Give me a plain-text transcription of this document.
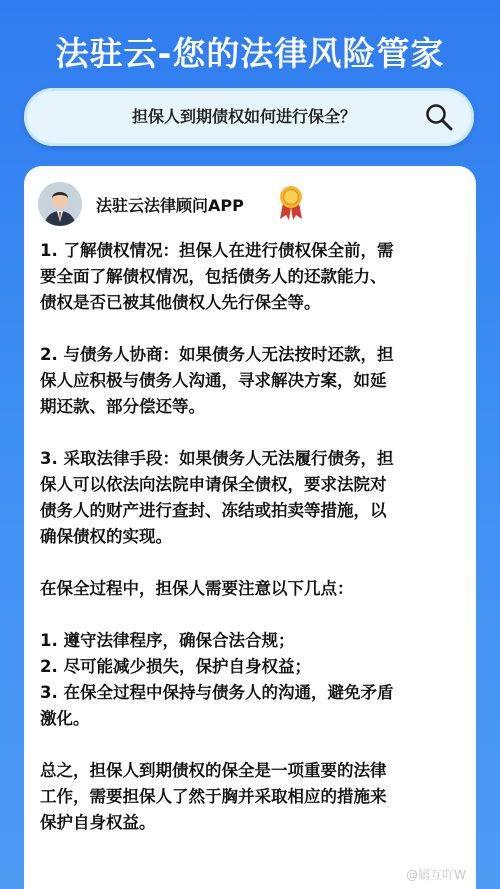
法驻云-您的法律风险管家
担保人到期债权如何进行保全？
法驻云法律顾问APP

1. 了解债权情况：担保人在进行债权保全前，需
要全面了解债权情况，包括债务人的还款能力、
债权是否已被其他债权人先行保全等。

2. 与债务人协商：如果债务人无法按时还款，担
保人应积极与债务人沟通，寻求解决方案，如延
期还款、部分偿还等。

3. 采取法律手段：如果债务人无法履行债务，担
保人可以依法向法院申请保全债权，要求法院对
债务人的财产进行查封、冻结或拍卖等措施，以
确保债权的实现。

在保全过程中，担保人需要注意以下几点：

1. 遵守法律程序，确保合法合规；
2. 尽可能减少损失，保护自身权益；
3. 在保全过程中保持与债务人的沟通，避免矛盾
激化。

总之，担保人到期债权的保全是一项重要的法律
工作，需要担保人了然于胸并采取相应的措施来
保护自身权益。

@嫣互吖W
